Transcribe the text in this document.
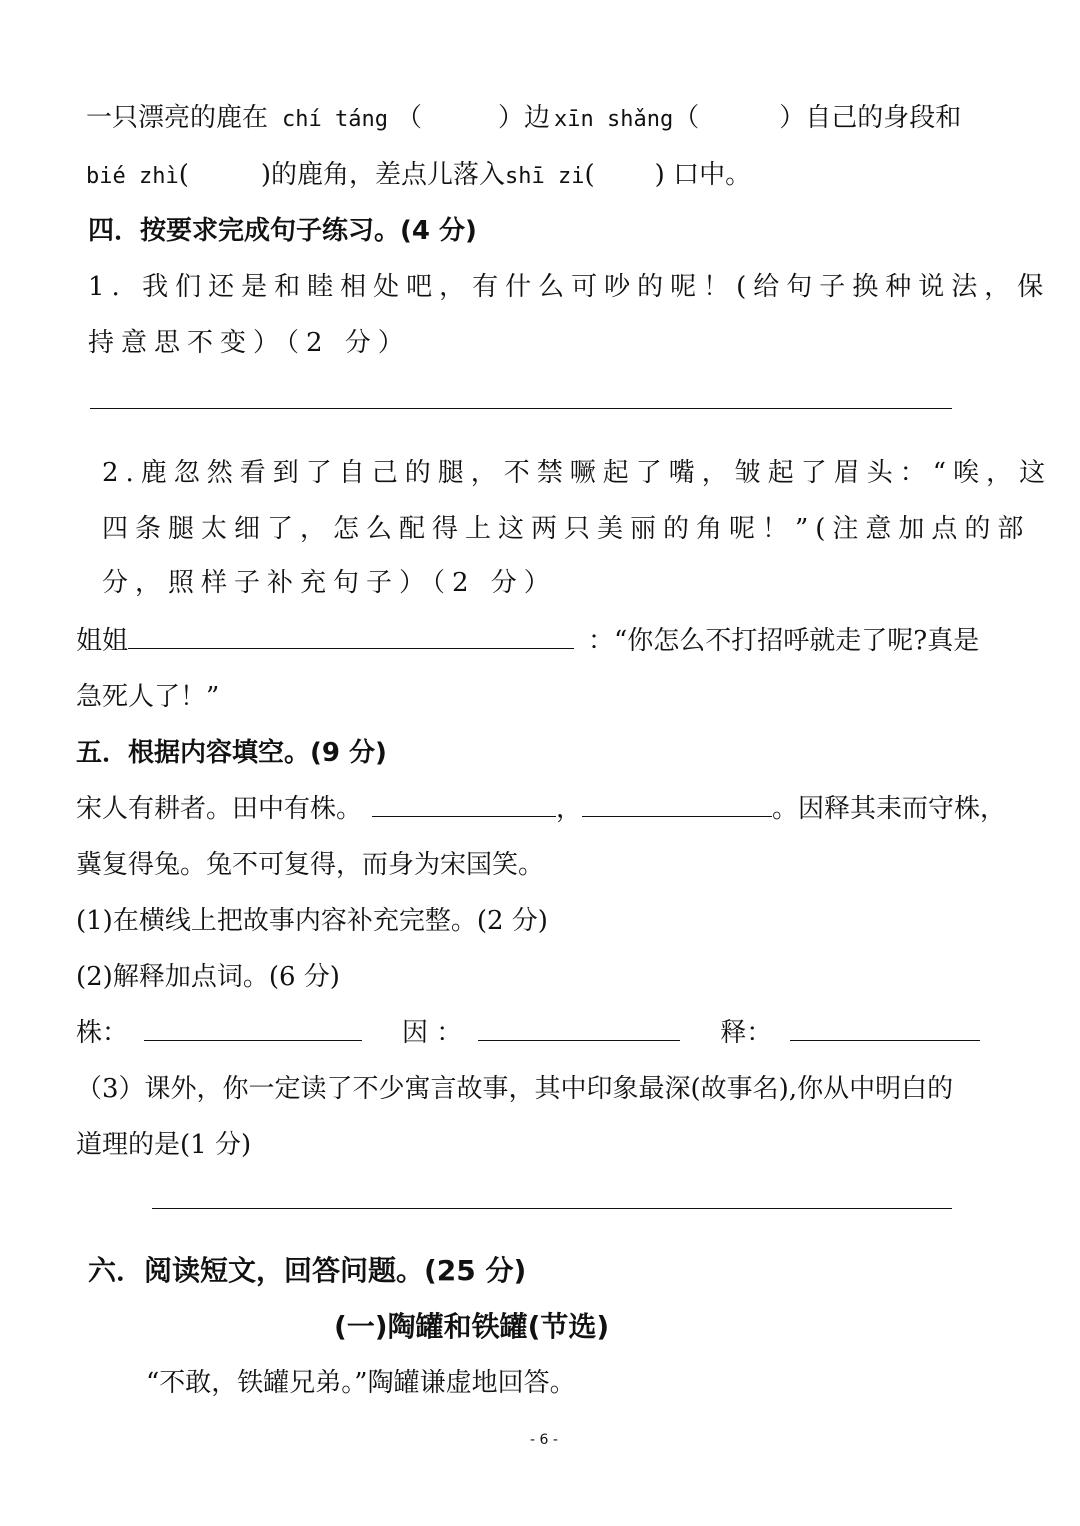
一只漂亮的鹿在 chí táng （	）边 xīn shǎng（	）自己的身段和
bié zhì(	)的鹿角，差点儿落入shī zi( ) 口中。
四．按要求完成句子练习。(4 分)
1. 我们还是和睦相处吧，有什么可吵的呢！(给句子换种说法，保
持意思不变）（2 分）
2.鹿忽然看到了自己的腿，不禁噘起了嘴，皱起了眉头：“唉，这
四条腿太细了，怎么配得上这两只美丽的角呢！”(注意加点的部
分，照样子补充句子）（2 分）
姐姐	：“你怎么不打招呼就走了呢?真是
急死人了！”
五．根据内容填空。(9 分)
宋人有耕者。田中有株。	，	。因释其耒而守株，
冀复得兔。兔不可复得，而身为宋国笑。
(1)在横线上把故事内容补充完整。(2 分)
(2)解释加点词。(6 分)
株：	因 ：	释：
（3）课外，你一定读了不少寓言故事，其中印象最深(故事名),你从中明白的
道理的是(1 分)
六．阅读短文，回答问题。(25 分)
(一)陶罐和铁罐(节选)
“不敢，铁罐兄弟。”陶罐谦虚地回答。
- 6 -
